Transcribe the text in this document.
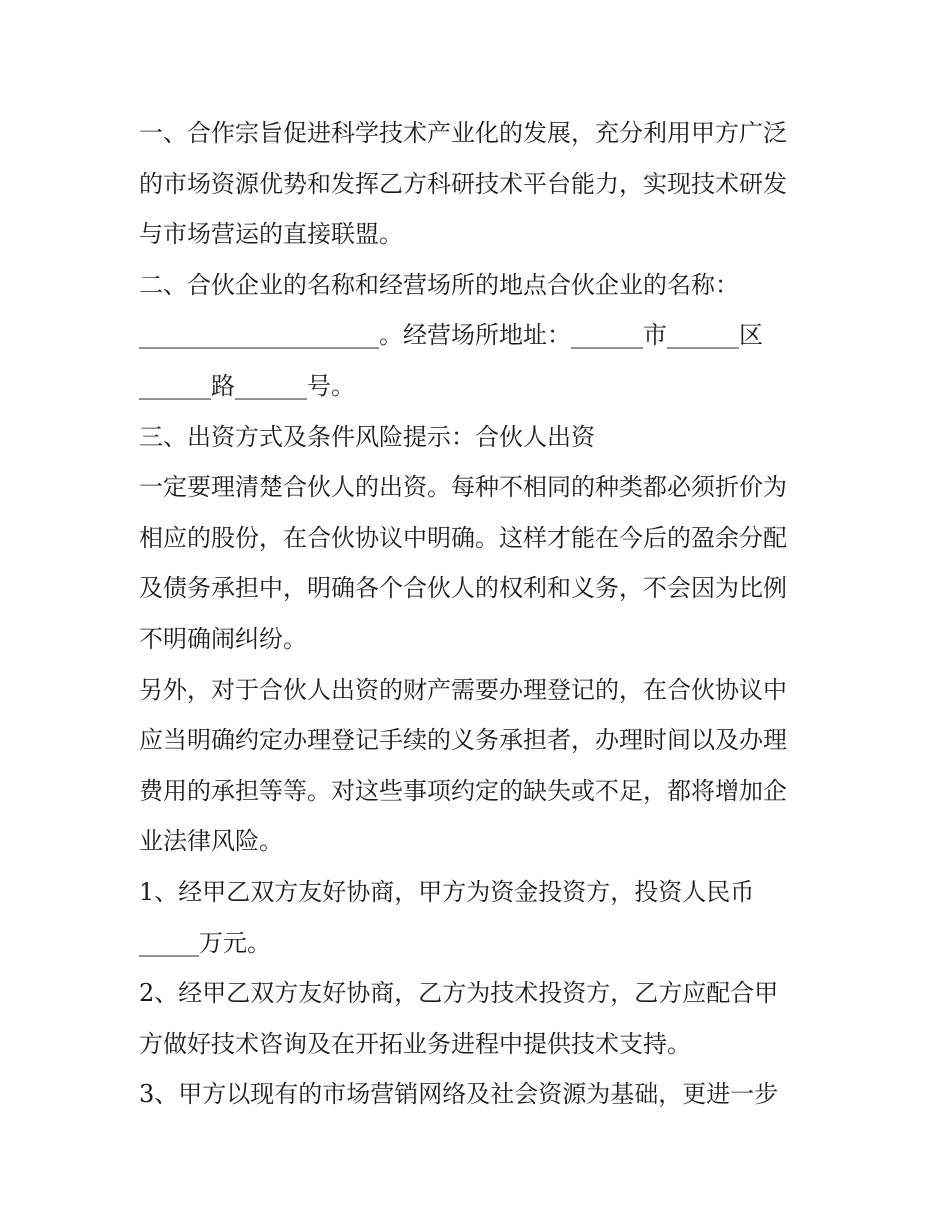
一、合作宗旨促进科学技术产业化的发展，充分利用甲方广泛
的市场资源优势和发挥乙方科研技术平台能力，实现技术研发
与市场营运的直接联盟。
二、合伙企业的名称和经营场所的地点合伙企业的名称：
____________________。经营场所地址：______市______区
______路______号。
三、出资方式及条件风险提示：合伙人出资
一定要理清楚合伙人的出资。每种不相同的种类都必须折价为
相应的股份，在合伙协议中明确。这样才能在今后的盈余分配
及债务承担中，明确各个合伙人的权利和义务，不会因为比例
不明确闹纠纷。
另外，对于合伙人出资的财产需要办理登记的，在合伙协议中
应当明确约定办理登记手续的义务承担者，办理时间以及办理
费用的承担等等。对这些事项约定的缺失或不足，都将增加企
业法律风险。
1、经甲乙双方友好协商，甲方为资金投资方，投资人民币
_____万元。
2、经甲乙双方友好协商，乙方为技术投资方，乙方应配合甲
方做好技术咨询及在开拓业务进程中提供技术支持。
3、甲方以现有的市场营销网络及社会资源为基础，更进一步
